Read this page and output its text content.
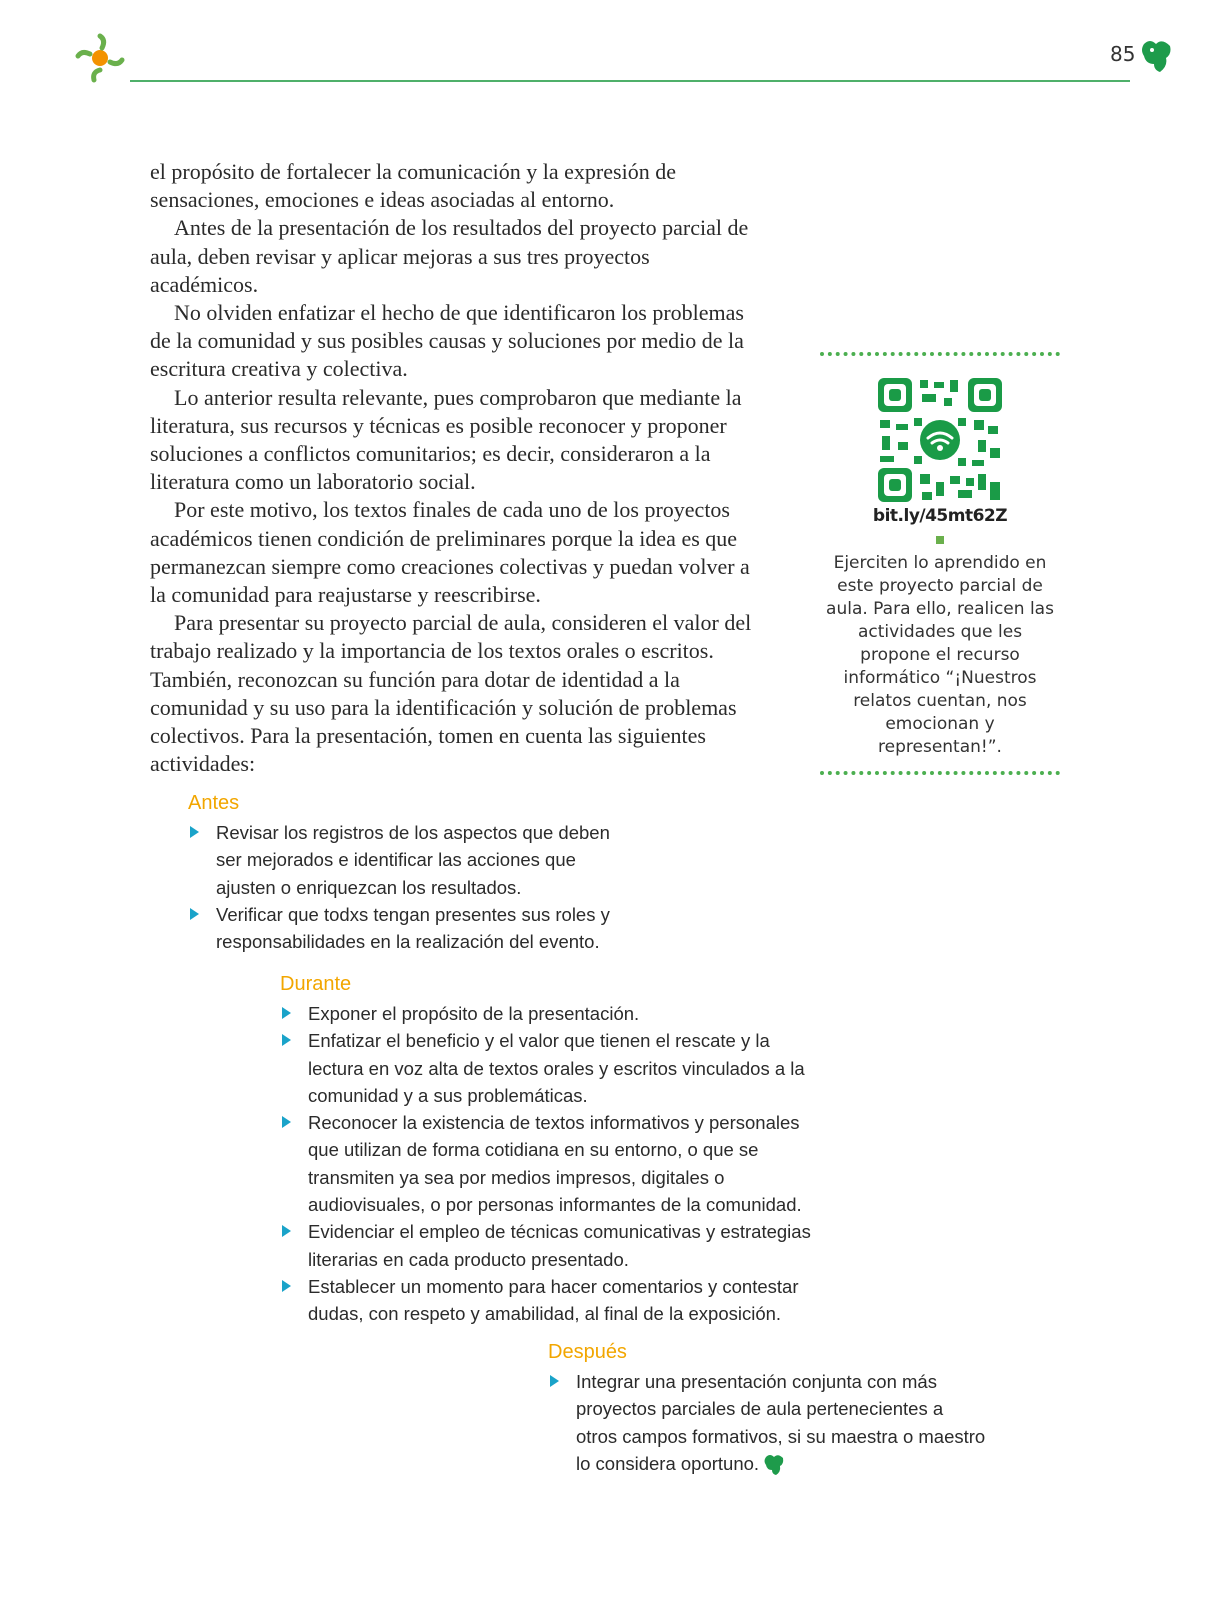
85

el propósito de fortalecer la comunicación y la expresión de sensaciones, emociones e ideas asociadas al entorno.

Antes de la presentación de los resultados del proyecto parcial de aula, deben revisar y aplicar mejoras a sus tres proyectos académicos.

No olviden enfatizar el hecho de que identificaron los problemas de la comunidad y sus posibles causas y soluciones por medio de la escritura creativa y colectiva.

Lo anterior resulta relevante, pues comprobaron que mediante la literatura, sus recursos y técnicas es posible reconocer y proponer soluciones a conflictos comunitarios; es decir, consideraron a la literatura como un laboratorio social.

Por este motivo, los textos finales de cada uno de los proyectos académicos tienen condición de preliminares porque la idea es que permanezcan siempre como creaciones colectivas y puedan volver a la comunidad para reajustarse y reescribirse.

Para presentar su proyecto parcial de aula, consideren el valor del trabajo realizado y la importancia de los textos orales o escritos. También, reconozcan su función para dotar de identidad a la comunidad y su uso para la identificación y solución de problemas colectivos. Para la presentación, tomen en cuenta las siguientes actividades:

bit.ly/45mt62Z
Ejerciten lo aprendido en este proyecto parcial de aula. Para ello, realicen las actividades que les propone el recurso informático “¡Nuestros relatos cuentan, nos emocionan y representan!”.
Antes
Revisar los registros de los aspectos que deben ser mejorados e identificar las acciones que ajusten o enriquezcan los resultados.
Verificar que todxs tengan presentes sus roles y responsabilidades en la realización del evento.
Durante
Exponer el propósito de la presentación.
Enfatizar el beneficio y el valor que tienen el rescate y la lectura en voz alta de textos orales y escritos vinculados a la comunidad y a sus problemáticas.
Reconocer la existencia de textos informativos y personales que utilizan de forma cotidiana en su entorno, o que se transmiten ya sea por medios impresos, digitales o audiovisuales, o por personas informantes de la comunidad.
Evidenciar el empleo de técnicas comunicativas y estrategias literarias en cada producto presentado.
Establecer un momento para hacer comentarios y contestar dudas, con respeto y amabilidad, al final de la exposición.
Después
Integrar una presentación conjunta con más proyectos parciales de aula pertenecientes a otros campos formativos, si su maestra o maestro lo considera oportuno.
